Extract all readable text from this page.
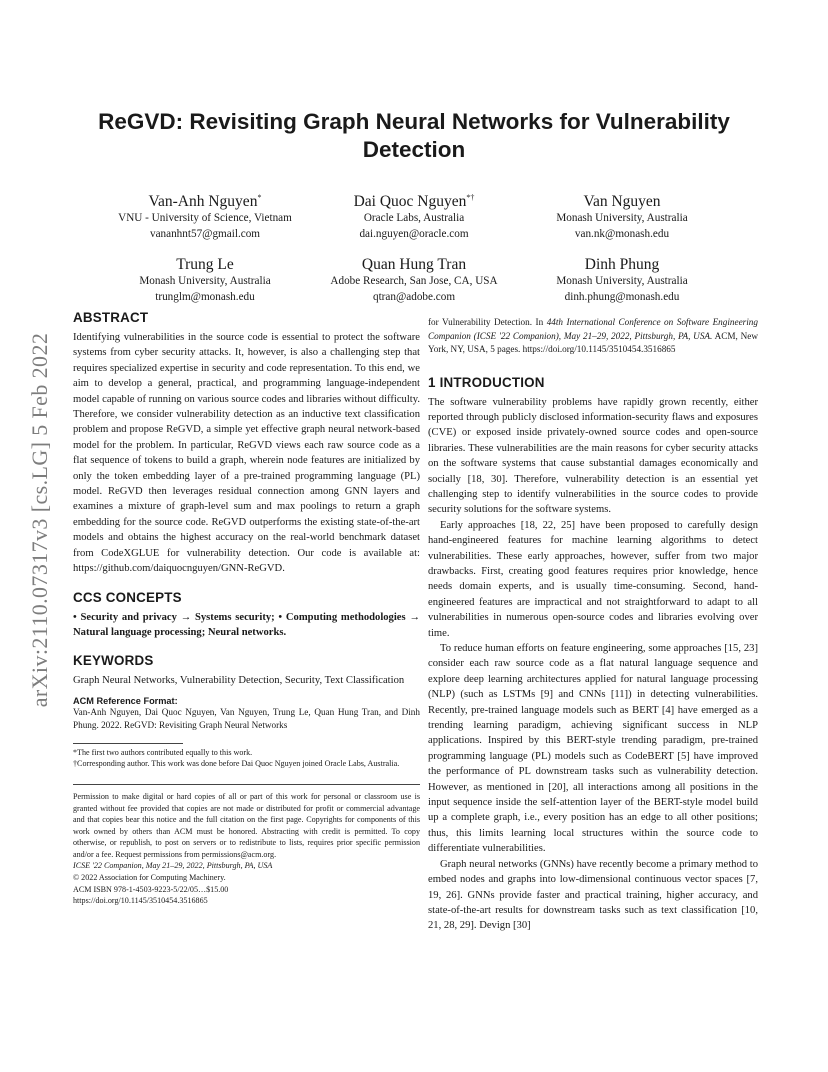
arXiv:2110.07317v3 [cs.LG] 5 Feb 2022
ReGVD: Revisiting Graph Neural Networks for Vulnerability Detection
Van-Anh Nguyen*
VNU - University of Science, Vietnam
vananhnt57@gmail.com
Dai Quoc Nguyen*†
Oracle Labs, Australia
dai.nguyen@oracle.com
Van Nguyen
Monash University, Australia
van.nk@monash.edu
Trung Le
Monash University, Australia
trunglm@monash.edu
Quan Hung Tran
Adobe Research, San Jose, CA, USA
qtran@adobe.com
Dinh Phung
Monash University, Australia
dinh.phung@monash.edu
ABSTRACT

Identifying vulnerabilities in the source code is essential to protect the software systems from cyber security attacks. It, however, is also a challenging step that requires specialized expertise in security and code representation. To this end, we aim to develop a general, practical, and programming language-independent model capable of running on various source codes and libraries without difficulty. Therefore, we consider vulnerability detection as an inductive text classification problem and propose ReGVD, a simple yet effective graph neural network-based model for the problem. In particular, ReGVD views each raw source code as a flat sequence of tokens to build a graph, wherein node features are initialized by only the token embedding layer of a pre-trained programming language (PL) model. ReGVD then leverages residual connection among GNN layers and examines a mixture of graph-level sum and max poolings to return a graph embedding for the source code. ReGVD outperforms the existing state-of-the-art models and obtains the highest accuracy on the real-world benchmark dataset from CodeXGLUE for vulnerability detection. Our code is available at: https://github.com/daiquocnguyen/GNN-ReGVD.

CCS CONCEPTS

• Security and privacy → Systems security; • Computing methodologies → Natural language processing; Neural networks.

KEYWORDS

Graph Neural Networks, Vulnerability Detection, Security, Text Classification

ACM Reference Format:
Van-Anh Nguyen, Dai Quoc Nguyen, Van Nguyen, Trung Le, Quan Hung Tran, and Dinh Phung. 2022. ReGVD: Revisiting Graph Neural Networks
*The first two authors contributed equally to this work.
†Corresponding author. This work was done before Dai Quoc Nguyen joined Oracle Labs, Australia.
Permission to make digital or hard copies of all or part of this work for personal or classroom use is granted without fee provided that copies are not made or distributed for profit or commercial advantage and that copies bear this notice and the full citation on the first page. Copyrights for components of this work owned by others than ACM must be honored. Abstracting with credit is permitted. To copy otherwise, or republish, to post on servers or to redistribute to lists, requires prior specific permission and/or a fee. Request permissions from permissions@acm.org.
ICSE '22 Companion, May 21–29, 2022, Pittsburgh, PA, USA
© 2022 Association for Computing Machinery.
ACM ISBN 978-1-4503-9223-5/22/05…$15.00
https://doi.org/10.1145/3510454.3516865
for Vulnerability Detection. In 44th International Conference on Software Engineering Companion (ICSE '22 Companion), May 21–29, 2022, Pittsburgh, PA, USA. ACM, New York, NY, USA, 5 pages. https://doi.org/10.1145/3510454.3516865
1 INTRODUCTION

The software vulnerability problems have rapidly grown recently, either reported through publicly disclosed information-security flaws and exposures (CVE) or exposed inside privately-owned source codes and open-source libraries. These vulnerabilities are the main reasons for cyber security attacks on the software systems that cause substantial damages economically and socially [18, 30]. Therefore, vulnerability detection is an essential yet challenging step to identify vulnerabilities in the source codes to provide security solutions for the software systems.

Early approaches [18, 22, 25] have been proposed to carefully design hand-engineered features for machine learning algorithms to detect vulnerabilities. These early approaches, however, suffer from two major drawbacks. First, creating good features requires prior knowledge, hence needs domain experts, and is usually time-consuming. Second, hand-engineered features are impractical and not straightforward to adapt to all vulnerabilities in numerous open-source codes and libraries evolving over time.

To reduce human efforts on feature engineering, some approaches [15, 23] consider each raw source code as a flat natural language sequence and explore deep learning architectures applied for natural language processing (NLP) (such as LSTMs [9] and CNNs [11]) in detecting vulnerabilities. Recently, pre-trained language models such as BERT [4] have emerged as a trending learning paradigm, achieving significant success in NLP applications. Inspired by this BERT-style trending paradigm, pre-trained programming language (PL) models such as CodeBERT [5] have improved the performance of PL downstream tasks such as vulnerability detection. However, as mentioned in [20], all interactions among all positions in the input sequence inside the self-attention layer of the BERT-style model build up a complete graph, i.e., every position has an edge to all other positions; thus, this limits learning local structures within the source code to differentiate vulnerabilities.

Graph neural networks (GNNs) have recently become a primary method to embed nodes and graphs into low-dimensional continuous vector spaces [7, 19, 26]. GNNs provide faster and practical training, higher accuracy, and state-of-the-art results for downstream tasks such as text classification [10, 21, 28, 29]. Devign [30]
